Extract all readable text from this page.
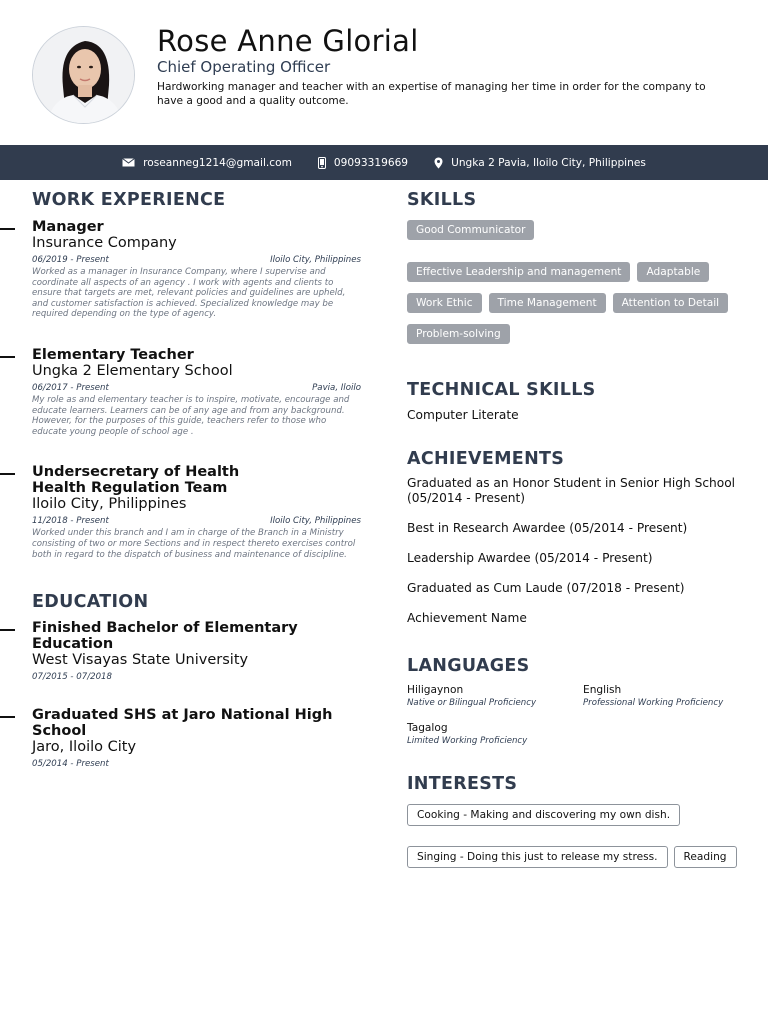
Rose Anne Glorial
Chief Operating Officer
Hardworking manager and teacher with an expertise of managing her time in order for the company to have a good and a quality outcome.
roseanneg1214@gmail.com	09093319669	Ungka 2 Pavia, Iloilo City, Philippines
WORK EXPERIENCE
Manager
Insurance Company
06/2019 - Present	Iloilo City, Philippines
Worked as a manager in Insurance Company, where I supervise and coordinate all aspects of an agency . I work with agents and clients to ensure that targets are met, relevant policies and guidelines are upheld, and customer satisfaction is achieved. Specialized knowledge may be required depending on the type of agency.
Elementary Teacher
Ungka 2 Elementary School
06/2017 - Present	Pavia, Iloilo
My role as and elementary teacher is to inspire, motivate, encourage and educate learners. Learners can be of any age and from any background. However, for the purposes of this guide, teachers refer to those who educate young people of school age .
Undersecretary of Health Health Regulation Team
Iloilo City, Philippines
11/2018 - Present	Iloilo City, Philippines
Worked under this branch and I am in charge of the Branch in a Ministry consisting of two or more Sections and in respect thereto exercises control both in regard to the dispatch of business and maintenance of discipline.
EDUCATION
Finished Bachelor of Elementary Education
West Visayas State University
07/2015 - 07/2018
Graduated SHS at Jaro National High School
Jaro, Iloilo City
05/2014 - Present
SKILLS
Good Communicator
Effective Leadership and management	Adaptable
Work Ethic	Time Management	Attention to Detail
Problem-solving
TECHNICAL SKILLS
Computer Literate
ACHIEVEMENTS
Graduated as an Honor Student in Senior High School (05/2014 - Present)
Best in Research Awardee (05/2014 - Present)
Leadership Awardee (05/2014 - Present)
Graduated as Cum Laude (07/2018 - Present)
Achievement Name
LANGUAGES
Hiligaynon
Native or Bilingual Proficiency
English
Professional Working Proficiency
Tagalog
Limited Working Proficiency
INTERESTS
Cooking - Making and discovering my own dish.
Singing - Doing this just to release my stress.	Reading
